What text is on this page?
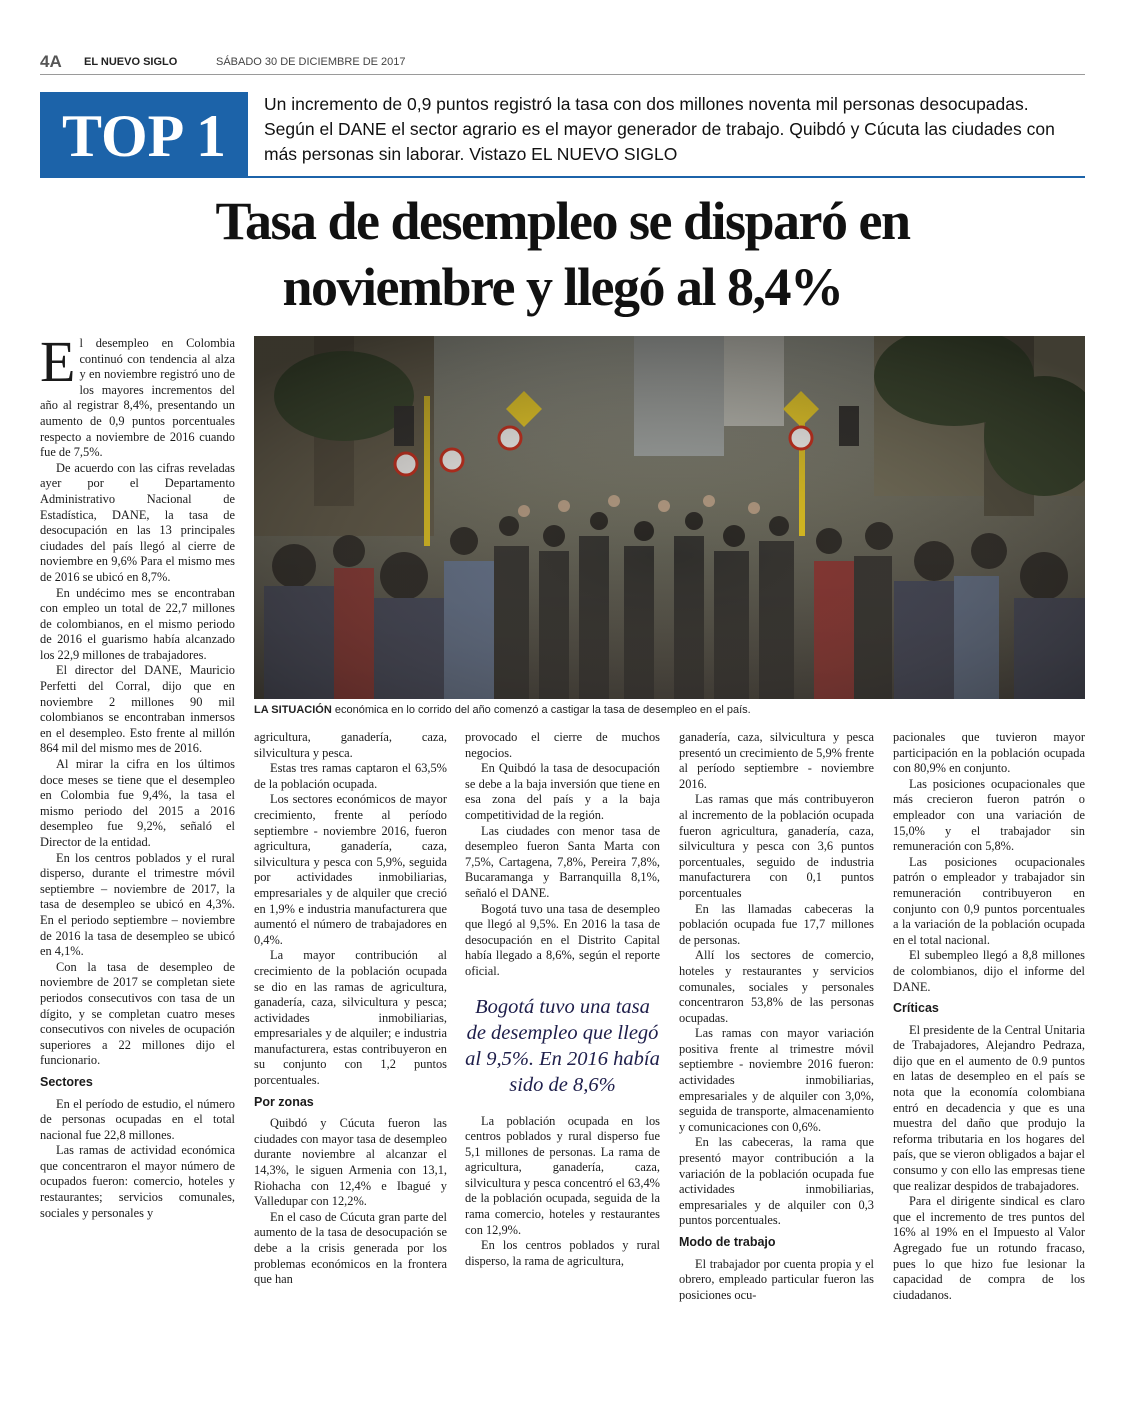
4A EL NUEVO SIGLO	SÁBADO 30 DE DICIEMBRE DE 2017
TOP 1	Un incremento de 0,9 puntos registró la tasa con dos millones noventa mil personas desocupadas. Según el DANE el sector agrario es el mayor generador de trabajo. Quibdó y Cúcuta las ciudades con más personas sin laborar. Vistazo EL NUEVO SIGLO
Tasa de desempleo se disparó en
noviembre y llegó al 8,4%
LA SITUACIÓN económica en lo corrido del año comenzó a castigar la tasa de desempleo en el país.

El desempleo en Colombia continuó con tendencia al alza y en noviembre registró uno de los mayores incrementos del año al registrar 8,4%, presentando un aumento de 0,9 puntos porcentuales respecto a noviembre de 2016 cuando fue de 7,5%.

De acuerdo con las cifras reveladas ayer por el Departamento Administrativo Nacional de Estadística, DANE, la tasa de desocupación en las 13 principales ciudades del país llegó al cierre de noviembre en 9,6% Para el mismo mes de 2016 se ubicó en 8,7%.

En undécimo mes se encontraban con empleo un total de 22,7 millones de colombianos, en el mismo periodo de 2016 el guarismo había alcanzado los 22,9 millones de trabajadores.

El director del DANE, Mauricio Perfetti del Corral, dijo que en noviembre 2 millones 90 mil colombianos se encontraban inmersos en el desempleo. Esto frente al millón 864 mil del mismo mes de 2016.

Al mirar la cifra en los últimos doce meses se tiene que el desempleo en Colombia fue 9,4%, la tasa el mismo periodo del 2015 a 2016 desempleo fue 9,2%, señaló el Director de la entidad.

En los centros poblados y el rural disperso, durante el trimestre móvil septiembre – noviembre de 2017, la tasa de desempleo se ubicó en 4,3%. En el periodo septiembre – noviembre de 2016 la tasa de desempleo se ubicó en 4,1%.

Con la tasa de desempleo de noviembre de 2017 se completan siete periodos consecutivos con tasa de un dígito, y se completan cuatro meses consecutivos con niveles de ocupación superiores a 22 millones dijo el funcionario.

Sectores

En el período de estudio, el número de personas ocupadas en el total nacional fue 22,8 millones.

Las ramas de actividad económica que concentraron el mayor número de ocupados fueron: comercio, hoteles y restaurantes; servicios comunales, sociales y personales y

agricultura, ganadería, caza, silvicultura y pesca.

Estas tres ramas captaron el 63,5% de la población ocupada.

Los sectores económicos de mayor crecimiento, frente al período septiembre - noviembre 2016, fueron agricultura, ganadería, caza, silvicultura y pesca con 5,9%, seguida por actividades inmobiliarias, empresariales y de alquiler que creció en 1,9% e industria manufacturera que aumentó el número de trabajadores en 0,4%.

La mayor contribución al crecimiento de la población ocupada se dio en las ramas de agricultura, ganadería, caza, silvicultura y pesca; actividades inmobiliarias, empresariales y de alquiler; e industria manufacturera, estas contribuyeron en su conjunto con 1,2 puntos porcentuales.

Por zonas

Quibdó y Cúcuta fueron las ciudades con mayor tasa de desempleo durante noviembre al alcanzar el 14,3%, le siguen Armenia con 13,1, Riohacha con 12,4% e Ibagué y Valledupar con 12,2%.

En el caso de Cúcuta gran parte del aumento de la tasa de desocupación se debe a la crisis generada por los problemas económicos en la frontera que han

provocado el cierre de muchos negocios.

En Quibdó la tasa de desocupación se debe a la baja inversión que tiene en esa zona del país y a la baja competitividad de la región.

Las ciudades con menor tasa de desempleo fueron Santa Marta con 7,5%, Cartagena, 7,8%, Pereira 7,8%, Bucaramanga y Barranquilla 8,1%, señaló el DANE.

Bogotá tuvo una tasa de desempleo que llegó al 9,5%. En 2016 la tasa de desocupación en el Distrito Capital había llegado a 8,6%, según el reporte oficial.

Bogotá tuvo una tasa de desempleo que llegó al 9,5%. En 2016 había sido de 8,6%

La población ocupada en los centros poblados y rural disperso fue 5,1 millones de personas. La rama de agricultura, ganadería, caza, silvicultura y pesca concentró el 63,4% de la población ocupada, seguida de la rama comercio, hoteles y restaurantes con 12,9%.

En los centros poblados y rural disperso, la rama de agricultura,

ganadería, caza, silvicultura y pesca presentó un crecimiento de 5,9% frente al período septiembre - noviembre 2016.

Las ramas que más contribuyeron al incremento de la población ocupada fueron agricultura, ganadería, caza, silvicultura y pesca con 3,6 puntos porcentuales, seguido de industria manufacturera con 0,1 puntos porcentuales

En las llamadas cabeceras la población ocupada fue 17,7 millones de personas.

Allí los sectores de comercio, hoteles y restaurantes y servicios comunales, sociales y personales concentraron 53,8% de las personas ocupadas.

Las ramas con mayor variación positiva frente al trimestre móvil septiembre - noviembre 2016 fueron: actividades inmobiliarias, empresariales y de alquiler con 3,0%, seguida de transporte, almacenamiento y comunicaciones con 0,6%.

En las cabeceras, la rama que presentó mayor contribución a la variación de la población ocupada fue actividades inmobiliarias, empresariales y de alquiler con 0,3 puntos porcentuales.

Modo de trabajo

El trabajador por cuenta propia y el obrero, empleado particular fueron las posiciones ocu-

pacionales que tuvieron mayor participación en la población ocupada con 80,9% en conjunto.

Las posiciones ocupacionales que más crecieron fueron patrón o empleador con una variación de 15,0% y el trabajador sin remuneración con 5,8%.

Las posiciones ocupacionales patrón o empleador y trabajador sin remuneración contribuyeron en conjunto con 0,9 puntos porcentuales a la variación de la población ocupada en el total nacional.

El subempleo llegó a 8,8 millones de colombianos, dijo el informe del DANE.

Críticas

El presidente de la Central Unitaria de Trabajadores, Alejandro Pedraza, dijo que en el aumento de 0.9 puntos en latas de desempleo en el país se nota que la economía colombiana entró en decadencia y que es una muestra del daño que produjo la reforma tributaria en los hogares del país, que se vieron obligados a bajar el consumo y con ello las empresas tiene que realizar despidos de trabajadores.

Para el dirigente sindical es claro que el incremento de tres puntos del 16% al 19% en el Impuesto al Valor Agregado fue un rotundo fracaso, pues lo que hizo fue lesionar la capacidad de compra de los ciudadanos.
